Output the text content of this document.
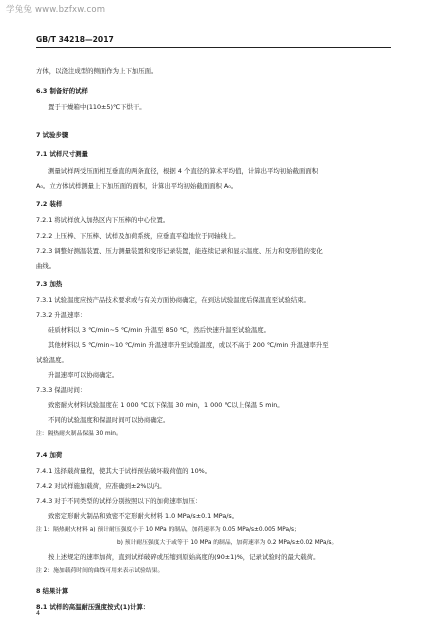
学兔兔 www.bzfxw.com
GB/T 34218—2017
方体，以浇注成型的侧面作为上下加压面。
6.3 制备好的试样
置于干燥箱中(110±5)℃下烘干。
7 试验步骤
7.1 试样尺寸测量
测量试样两受压面相互垂直的两条直径，根据 4 个直径的算术平均值，计算出平均初始截面面积
A₀。立方体试样测量上下加压面的面积，计算出平均初始截面面积 A₀。
7.2 装样
7.2.1 将试样放入加热区内下压棒的中心位置。
7.2.2 上压棒、下压棒、试样及加荷系统，应垂直平稳地位于同轴线上。
7.2.3 调整好测温装置、压力测量装置和变形记录装置，能连续记录和显示温度、压力和变形值的变化
曲线。
7.3 加热
7.3.1 试验温度应按产品技术要求或与有关方面协商确定，在到达试验温度后保温直至试验结束。
7.3.2 升温速率：
硅质材料以 3 ℃/min~5 ℃/min 升温至 850 ℃，然后快速升温至试验温度。
其他材料以 5 ℃/min~10 ℃/min 升温速率升至试验温度，或以不高于 200 ℃/min 升温速率升至
试验温度。
升温速率可以协商确定。
7.3.3 保温时间：
致密耐火材料试验温度在 1 000 ℃以下保温 30 min，1 000 ℃以上保温 5 min。
不同的试验温度和保温时间可以协商确定。
注：隔热耐火制品保温 30 min。
7.4 加荷
7.4.1 选择载荷量程，使其大于试样预估破坏载荷值的 10%。
7.4.2 对试样施加载荷，应准确到±2%以内。
7.4.3 对于不同类型的试样分别按照以下的加荷速率加压：
致密定形耐火制品和致密不定形耐火材料 1.0 MPa/s±0.1 MPa/s。
注 1：隔热耐火材料 a) 预计耐压强度小于 10 MPa 的制品，加荷速率为 0.05 MPa/s±0.005 MPa/s；
b) 预计耐压强度大于或等于 10 MPa 的制品，加荷速率为 0.2 MPa/s±0.02 MPa/s。
按上述规定的速率加荷，直到试样破碎或压缩到原始高度的(90±1)%，记录试验时的最大载荷。
注 2：施加载荷时间的曲线可用来表示试验结果。
8 结果计算
8.1 试样的高温耐压强度按式(1)计算：
4
